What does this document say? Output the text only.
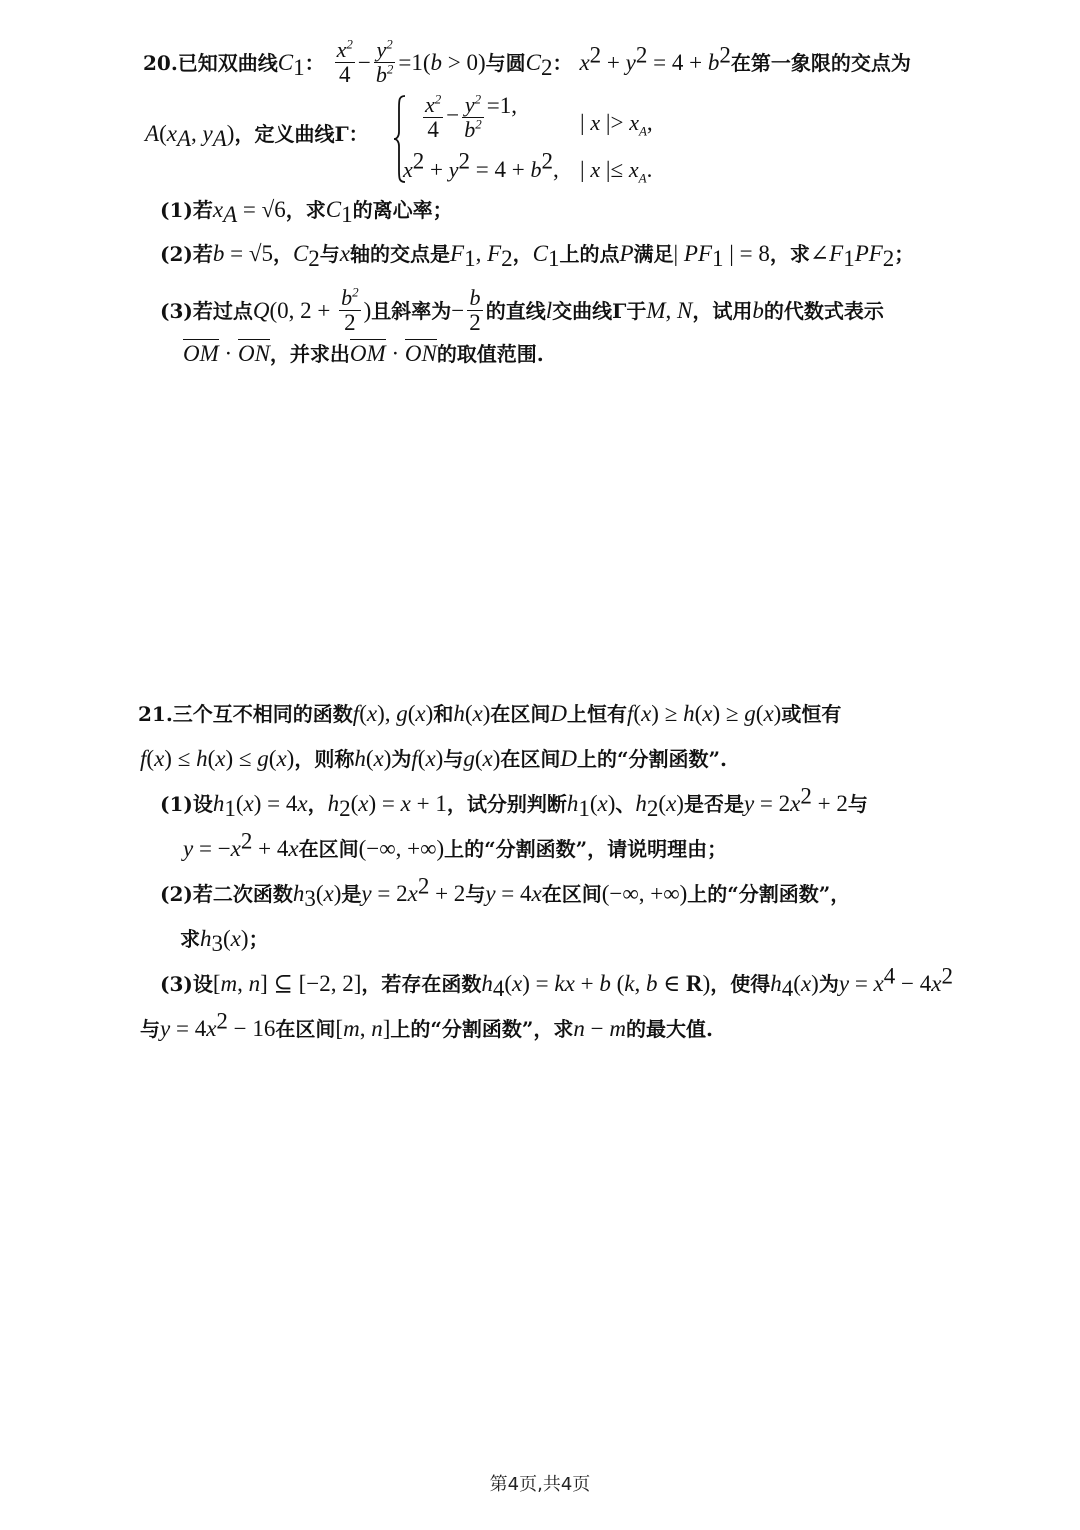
20.已知双曲线$C_1$： $\frac{x^2}{4} - \frac{y^2}{b^2} =1(b > 0)$与圆$C_2$： $x^2 + y^2 = 4 + b^2$在第一象限的交点为
$A(x_A$, $y_A$)，定义曲线Γ： $\frac{x^2}{4} - \frac{y^2}{b^2} =1$,
| x |> $x_A$,
$x^2 + y^2 = 4 + b^2$, | x |≤ $x_A$.
(1)若$x_A = √6$，求$C_1$的离心率；
(2)若b = √5，$C_2$与x轴的交点是$F_1$, $F_2$，$C_1$上的点P满足| $PF_1$ | = 8，求$\angle F_1PF_2$；
(3)若过点Q(0, $2 + \frac{b^2}{2}$ )且斜率为− $\frac{b}{2}$ 的直线l交曲线Γ于M, N，试用b的代数式表示
OM · ON，并求出OM · ON的取值范围.
21.三个互不相同的函数f(x), g(x)和h(x)在区间D上恒有f(x) ≥ h(x) ≥ g(x)或恒有
f(x) ≤ h(x) ≤ g(x)，则称h(x)为f(x)与g(x)在区间D上的“分割函数”.
(1)设$h_1(x) = 4x$，$h_2(x) = x + 1$，试分别判断$h_1(x)$、$h_2(x)$是否是$y = 2x^2 + 2$与
$y = -x^2 + 4x$在区间(−∞, +∞)上的“分割函数”，请说明理由；
(2)若二次函数$h_3(x)$是$y = 2x^2 + 2$与y = 4x在区间(−∞, +∞)上的“分割函数”，
求$h_3(x)$；
(3)设[m, n] ⊆ [−2, 2]，若存在函数$h_4(x)$ = kx + b (k, b ∈ R)，使得$h_4(x)$为$y = x^4 - 4x^2$
与$y = 4x^2 - 16$在区间[m, n]上的“分割函数”，求n − m的最大值.
第4页,共4页
